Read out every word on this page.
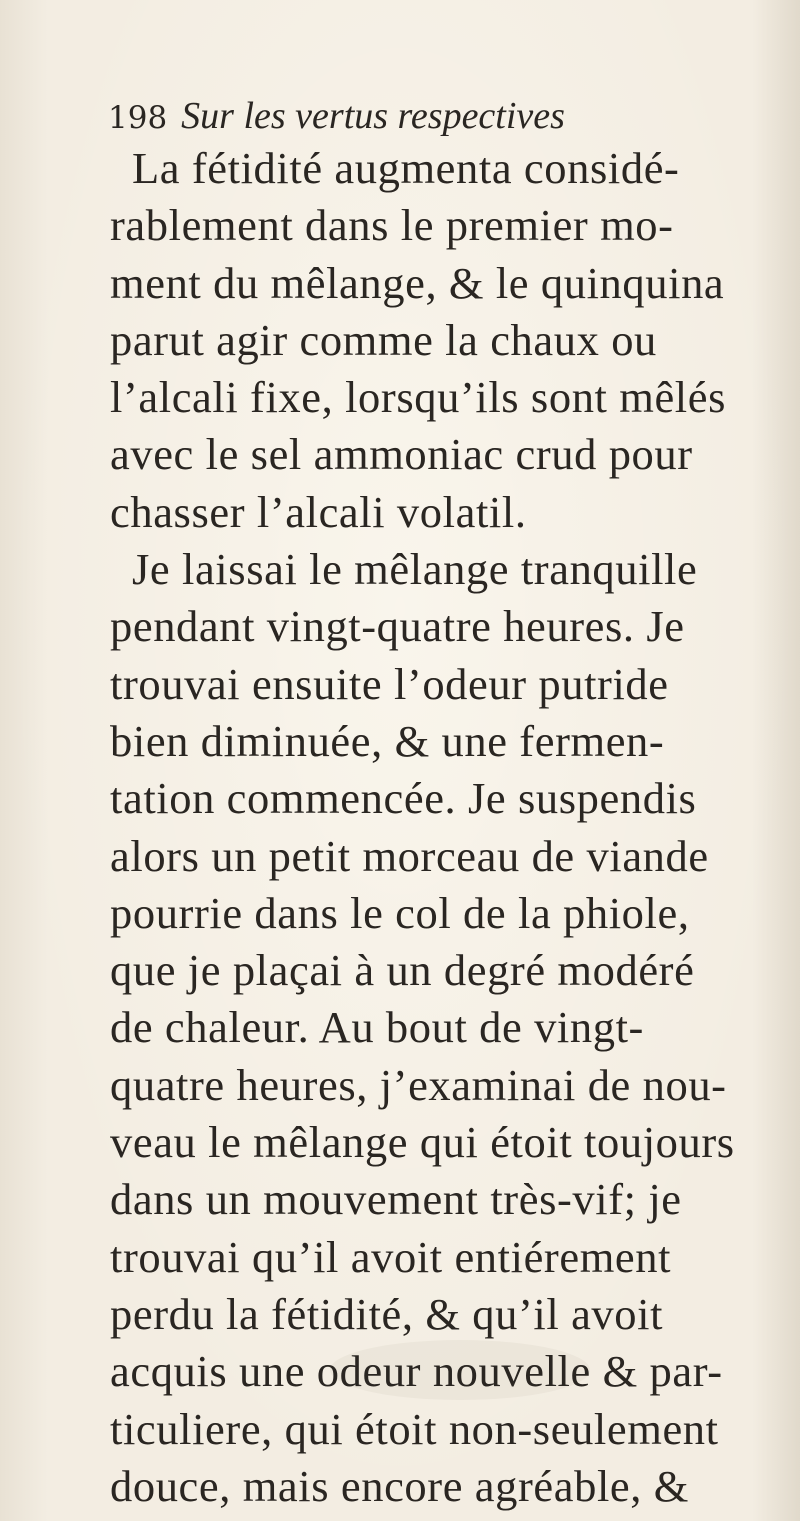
198 Sur les vertus respectives
La fétidité augmenta considé-
rablement dans le premier mo-
ment du mêlange, & le quinquina
parut agir comme la chaux ou
l’alcali fixe, lorsqu’ils sont mêlés
avec le sel ammoniac crud pour
chasser l’alcali volatil.
Je laissai le mêlange tranquille
pendant vingt-quatre heures. Je
trouvai ensuite l’odeur putride
bien diminuée, & une fermen-
tation commencée. Je suspendis
alors un petit morceau de viande
pourrie dans le col de la phiole,
que je plaçai à un degré modéré
de chaleur. Au bout de vingt-
quatre heures, j’examinai de nou-
veau le mêlange qui étoit toujours
dans un mouvement très-vif; je
trouvai qu’il avoit entiérement
perdu la fétidité, & qu’il avoit
acquis une odeur nouvelle & par-
ticuliere, qui étoit non-seulement
douce, mais encore agréable, &
